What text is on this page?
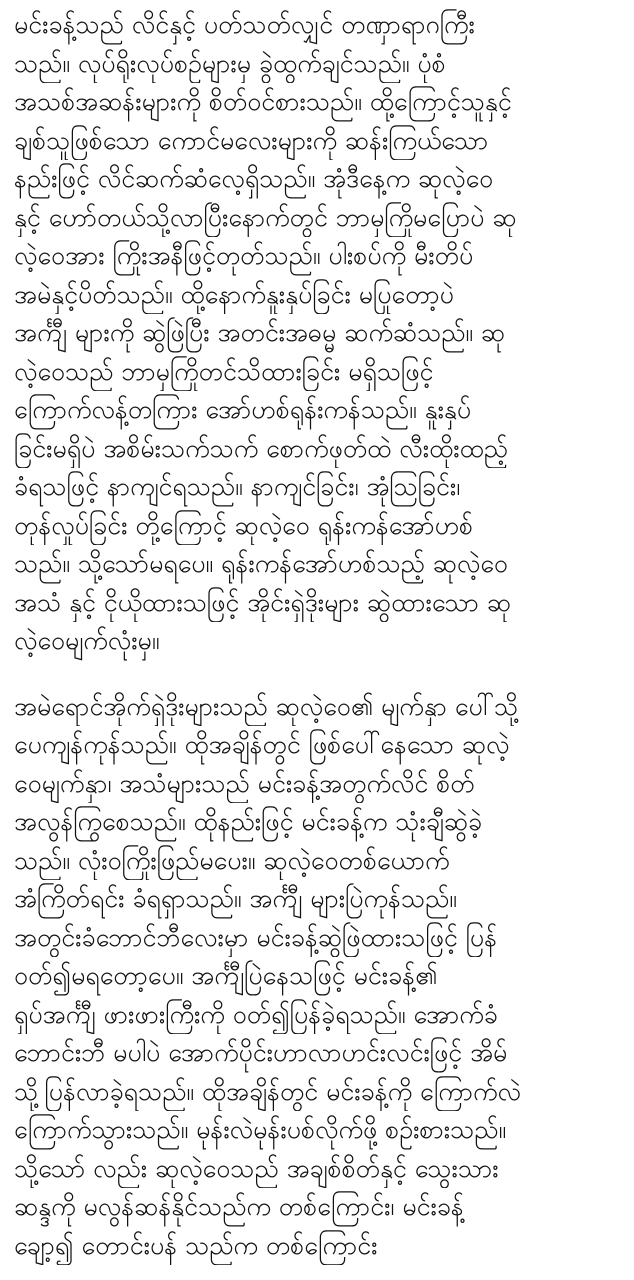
မင်းခန့်သည် လိင်နှင့် ပတ်သတ်လျှင် တဏှာရာဂကြီး
သည်။ လုပ်ရိုးလုပ်စဉ်များမှ ခွဲထွက်ချင်သည်။ ပုံစံ
အသစ်အဆန်းများကို စိတ်ဝင်စားသည်။ ထို့ကြောင့်သူနှင့်
ချစ်သူဖြစ်သော ကောင်မလေးများကို ဆန်းကြယ်သော
နည်းဖြင့် လိင်ဆက်ဆံလေ့ရှိသည်။ အုံဒီနေ့က ဆုလဲ့ဝေ
နှင့် ဟော်တယ်သို့လာပြီးနောက်တွင် ဘာမှကြိုမပြောပဲ ဆု
လဲ့ဝေအား ကြိုးအနီဖြင့်တုတ်သည်။ ပါးစပ်ကို မီးတိပ်
အမဲနှင့်ပိတ်သည်။ ထို့နောက်နူးနှပ်ခြင်း မပြုတော့ပဲ
အင်္ကျီ များကို ဆွဲဖြဲပြီး အတင်းအဓမ္မ ဆက်ဆံသည်။ ဆု
လဲ့ဝေသည် ဘာမှကြိုတင်သိထားခြင်း မရှိသဖြင့်
ကြောက်လန့်တကြား အော်ဟစ်ရုန်းကန်သည်။ နူးနှပ်
ခြင်းမရှိပဲ အစိမ်းသက်သက် စောက်ဖုတ်ထဲ လီးထိုးထည့်
ခံရသဖြင့် နာကျင်ရသည်။ နာကျင်ခြင်း၊ အုံသြခြင်း၊
တုန်လှုပ်ခြင်း တို့ကြောင့် ဆုလဲ့ဝေ ရုန်းကန်အော်ဟစ်
သည်။ သို့သော်မရပေ။ ရုန်းကန်အော်ဟစ်သည့် ဆုလဲ့ဝေ
အသံ နှင့် ငိုယိုထားသဖြင့် အိုင်းရှဲဒိုးများ ဆွဲထားသော ဆု
လဲ့ဝေမျက်လုံးမှ။
အမဲရောင်အိုက်ရှဲဒိုးများသည် ဆုလဲ့ဝေ၏ မျက်နှာ ပေါ်သို့
ပေကျန်ကုန်သည်။ ထိုအချိန်တွင် ဖြစ်ပေါ်နေသော ဆုလဲ့
ဝေမျက်နှာ၊ အသံများသည် မင်းခန့်အတွက်လိင် စိတ်
အလွန်ကြွစေသည်။ ထိုနည်းဖြင့် မင်းခန့်က သုံးချီဆွဲခဲ့
သည်။ လုံးဝကြိုးဖြည်မပေး။ ဆုလဲ့ဝေတစ်ယောက်
အံကြိတ်ရင်း ခံရရှာသည်။ အင်္ကျီ များပြဲကုန်သည်။
အတွင်းခံဘောင်ဘီလေးမှာ မင်းခန့်ဆွဲဖြဲထားသဖြင့် ပြန်
ဝတ်၍မရတော့ပေ။ အင်္ကျီပြဲနေသဖြင့် မင်းခန့်၏
ရှပ်အင်္ကျီ ဖားဖားကြီးကို ဝတ်၍ပြန်ခဲ့ရသည်။ အောက်ခံ
ဘောင်းဘီ မပါပဲ အောက်ပိုင်းဟာလာဟင်းလင်းဖြင့် အိမ်
သို့ပြန်လာခဲ့ရသည်။ ထိုအချိန်တွင် မင်းခန့်ကို ကြောက်လဲ
ကြောက်သွားသည်။ မုန်းလဲမုန်းပစ်လိုက်ဖို့ စဉ်းစားသည်။
သို့သော် လည်း ဆုလဲ့ဝေသည် အချစ်စိတ်နှင့် သွေးသား
ဆန္ဒကို မလွန်ဆန်နိုင်သည်က တစ်ကြောင်း၊ မင်းခန့်
ချော့၍ တောင်းပန် သည်က တစ်ကြောင်း
